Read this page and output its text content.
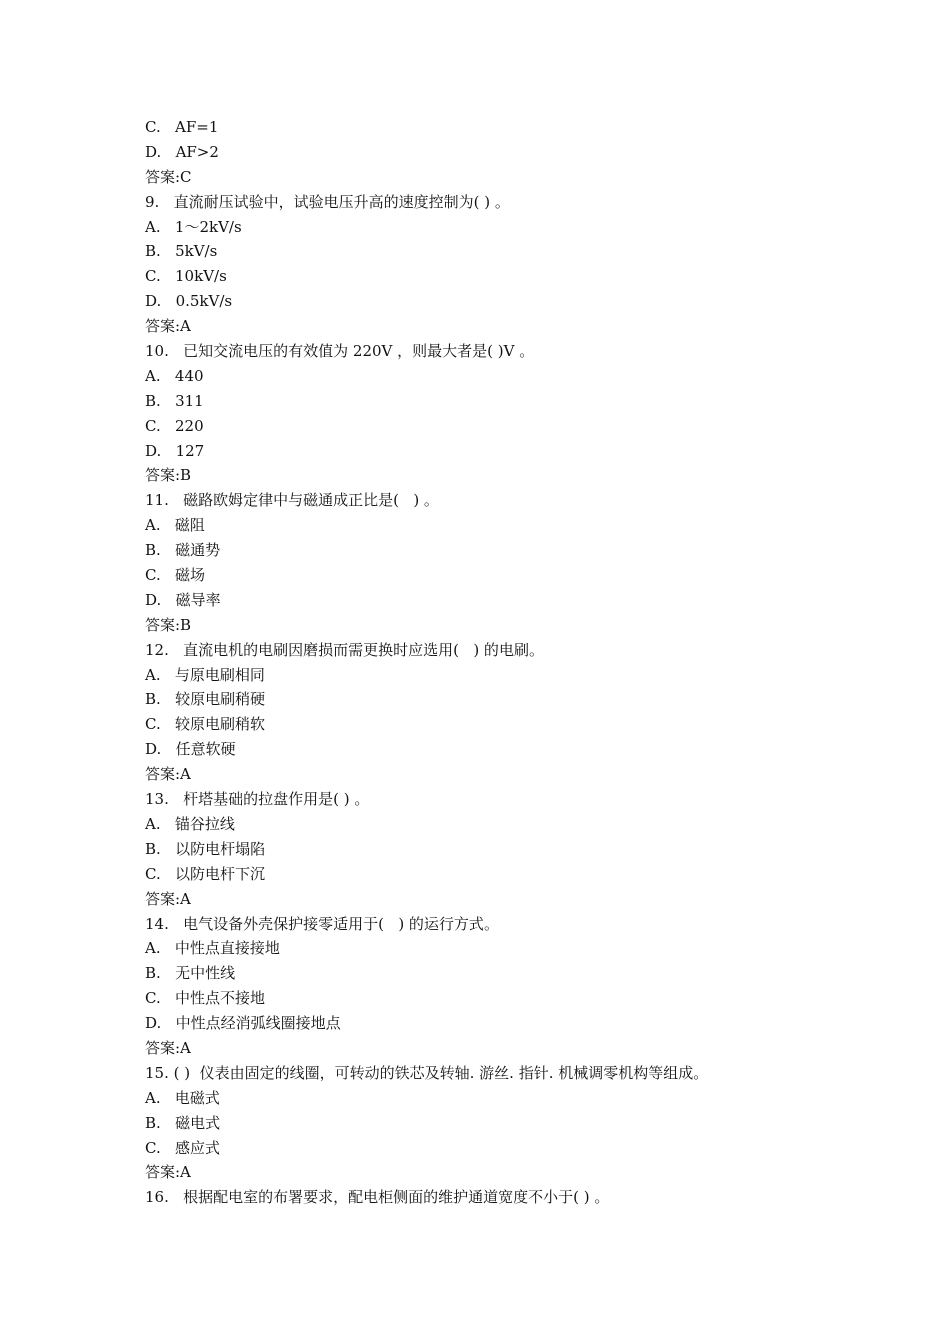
C.   AF=1
D.   AF>2
答案:C
9.   直流耐压试验中，试验电压升高的速度控制为( ) 。
A.   1～2kV/s
B.   5kV/s
C.   10kV/s
D.   0.5kV/s
答案:A
10.   已知交流电压的有效值为 220V ，则最大者是( )V 。
A.   440
B.   311
C.   220
D.   127
答案:B
11.   磁路欧姆定律中与磁通成正比是(   ) 。
A.   磁阻
B.   磁通势
C.   磁场
D.   磁导率
答案:B
12.   直流电机的电刷因磨损而需更换时应选用(   ) 的电刷。
A.   与原电刷相同
B.   较原电刷稍硬
C.   较原电刷稍软
D.   任意软硬
答案:A
13.   杆塔基础的拉盘作用是( ) 。
A.   锚谷拉线
B.   以防电杆塌陷
C.   以防电杆下沉
答案:A
14.   电气设备外壳保护接零适用于(   ) 的运行方式。
A.   中性点直接接地
B.   无中性线
C.   中性点不接地
D.   中性点经消弧线圈接地点
答案:A
15. ( )  仪表由固定的线圈，可转动的铁芯及转轴. 游丝. 指针. 机械调零机构等组成。
A.   电磁式
B.   磁电式
C.   感应式
答案:A
16.   根据配电室的布署要求，配电柜侧面的维护通道宽度不小于( ) 。
